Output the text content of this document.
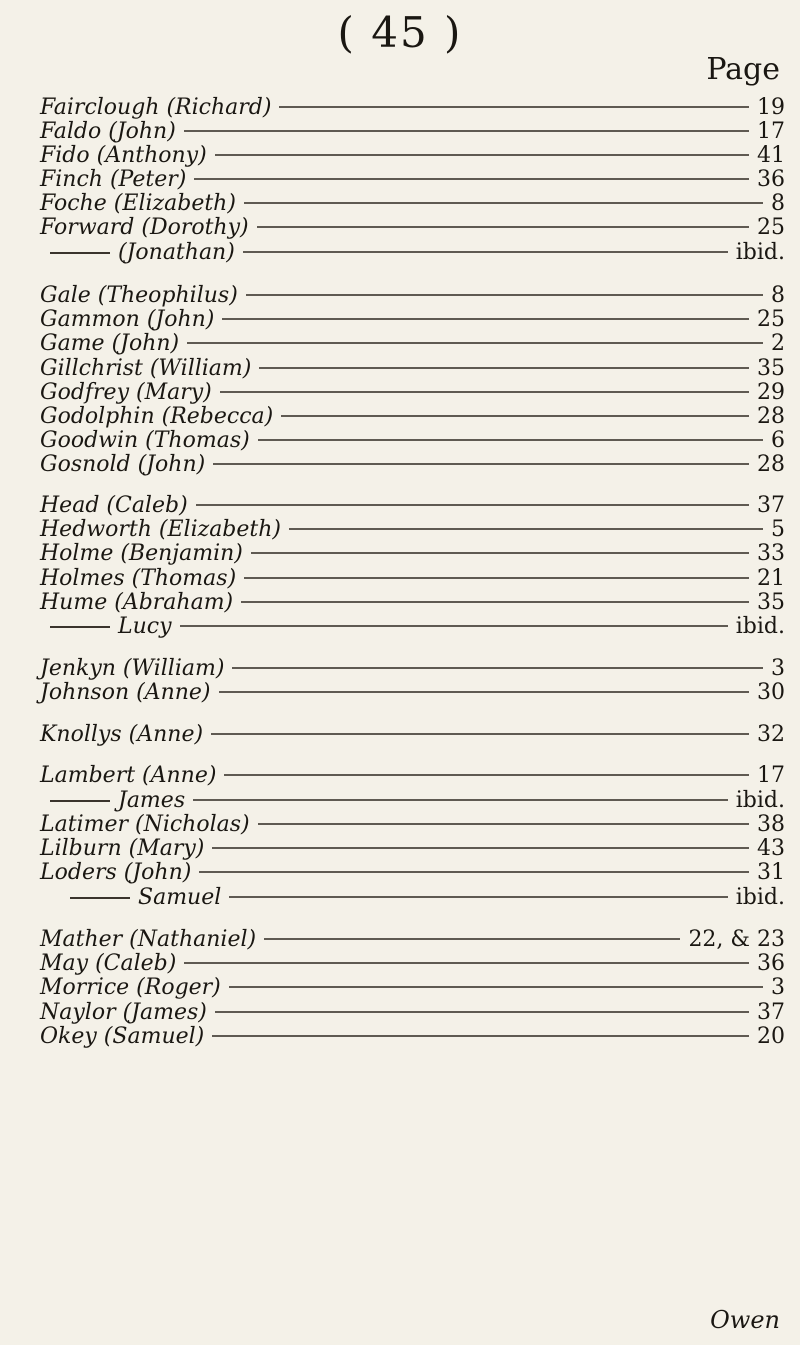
( 45 )
Page
Fairclough (Richard)	19
Faldo (John)	17
Fido (Anthony)	41
Finch (Peter)	36
Foche (Elizabeth)	8
Forward (Dorothy)	25
(Jonathan)	ibid.
Gale (Theophilus)	8
Gammon (John)	25
Game (John)	2
Gillchrist (William)	35
Godfrey (Mary)	29
Godolphin (Rebecca)	28
Goodwin (Thomas)	6
Gosnold (John)	28
Head (Caleb)	37
Hedworth (Elizabeth)	5
Holme (Benjamin)	33
Holmes (Thomas)	21
Hume (Abraham)	35
Lucy	ibid.
Jenkyn (William)	3
Johnson (Anne)	30
Knollys (Anne)	32
Lambert (Anne)	17
James	ibid.
Latimer (Nicholas)	38
Lilburn (Mary)	43
Loders (John)	31
Samuel	ibid.
Mather (Nathaniel)	22, & 23
May (Caleb)	36
Morrice (Roger)	3
Naylor (James)	37
Okey (Samuel)	20
Owen
